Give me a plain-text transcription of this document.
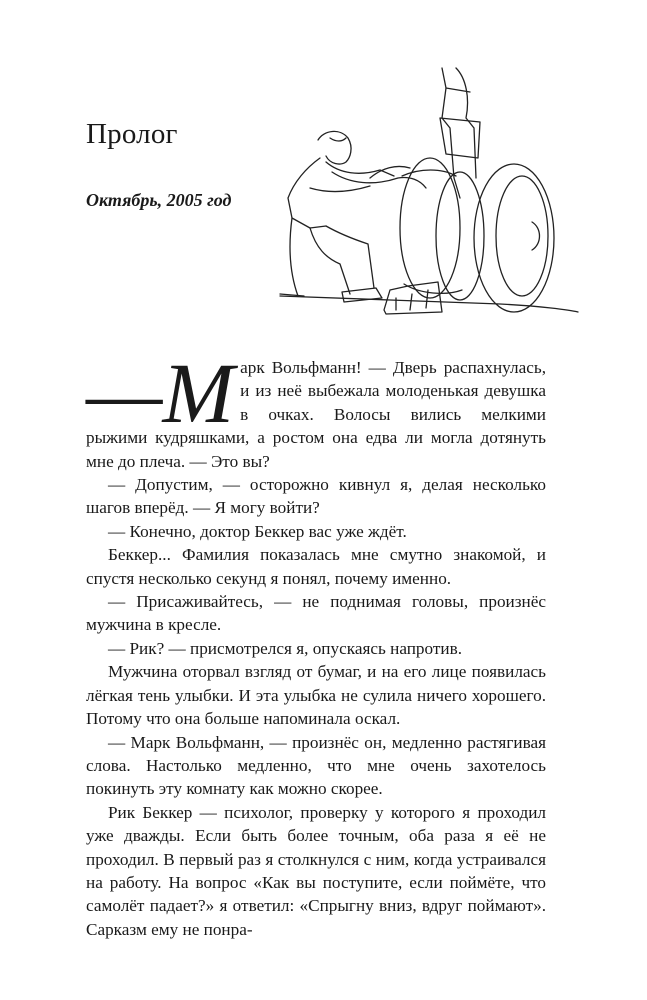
Пролог
Октябрь, 2005 год

—М арк Вольфманн! — Дверь распахнулась, и из неё выбежала молоденькая девушка в очках. Волосы вились мелкими рыжими кудряшками, а ростом она едва ли могла дотянуть мне до плеча. — Это вы?

— Допустим, — осторожно кивнул я, делая несколько шагов вперёд. — Я могу войти?

— Конечно, доктор Беккер вас уже ждёт.

Беккер... Фамилия показалась мне смутно знакомой, и спустя несколько секунд я понял, почему именно.

— Присаживайтесь, — не поднимая головы, произнёс мужчина в кресле.

— Рик? — присмотрелся я, опускаясь напротив.

Мужчина оторвал взгляд от бумаг, и на его лице появилась лёгкая тень улыбки. И эта улыбка не сулила ничего хорошего. Потому что она больше напоминала оскал.

— Марк Вольфманн, — произнёс он, медленно растягивая слова. Настолько медленно, что мне очень захотелось покинуть эту комнату как можно скорее.

Рик Беккер — психолог, проверку у которого я проходил уже дважды. Если быть более точным, оба раза я её не проходил. В первый раз я столкнулся с ним, когда устраивался на работу. На вопрос «Как вы поступите, если поймёте, что самолёт падает?» я ответил: «Спрыгну вниз, вдруг поймают». Сарказм ему не понра-
